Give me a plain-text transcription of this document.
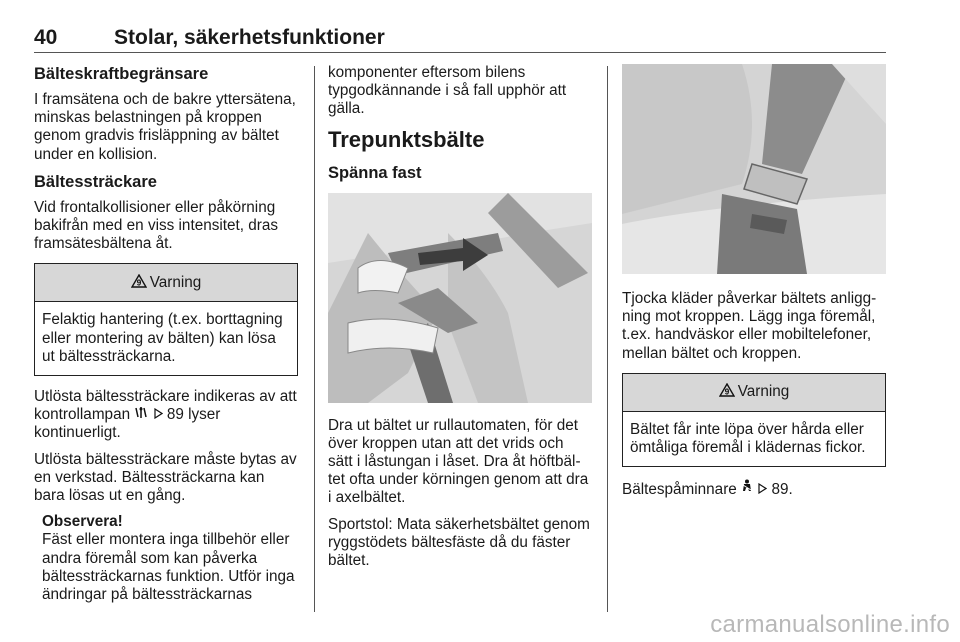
40	Stolar, säkerhetsfunktioner
Bälteskraftbegränsare

I framsätena och de bakre yttersätena, minskas belastningen på kroppen genom gradvis frisläppning av bältet under en kollision.

Bältessträckare

Vid frontalkollisioner eller påkörning bakifrån med en viss intensitet, dras framsätesbältena åt.

9 Varning
Felaktig hantering (t.ex. borttagning eller montering av bälten) kan lösa ut bältessträckarna.

Utlösta bältessträckare indikeras av att kontrollampan 89 lyser kontinuerligt.

Utlösta bältessträckare måste bytas av en verkstad. Bältessträckarna kan bara lösas ut en gång.

Observera!
Fäst eller montera inga tillbehör eller andra föremål som kan påverka bältessträckarnas funktion. Utför inga ändringar på bältessträckarnas

komponenter eftersom bilens typgodkännande i så fall upphör att gälla.

Trepunktsbälte
Spänna fast

Dra ut bältet ur rullautomaten, för det över kroppen utan att det vrids och sätt i låstungan i låset. Dra åt höftbältet ofta under körningen genom att dra i axelbältet.

Sportstol: Mata säkerhetsbältet genom ryggstödets bältesfäste då du fäster bältet.

Tjocka kläder påverkar bältets anliggning mot kroppen. Lägg inga föremål, t.ex. handväskor eller mobiltelefoner, mellan bältet och kroppen.

9 Varning
Bältet får inte löpa över hårda eller ömtåliga föremål i klädernas fickor.

Bältespåminnare 89.

carmanualsonline.info
